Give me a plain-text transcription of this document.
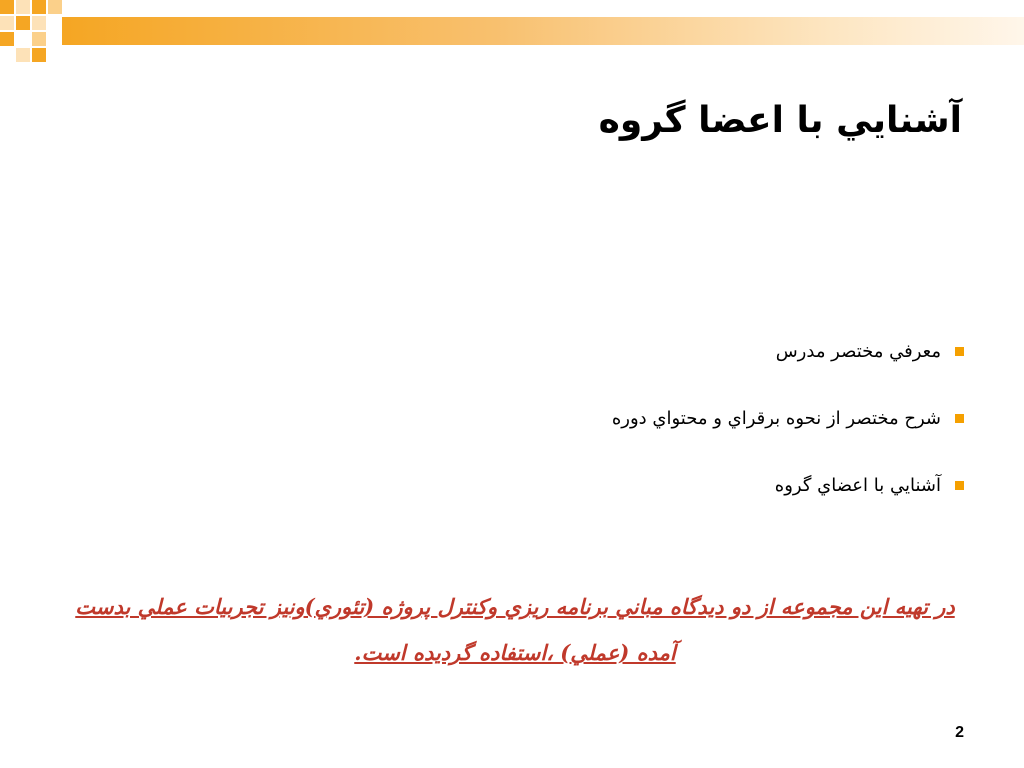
آشنايي با اعضا گروه
معرفي مختصر مدرس
شرح مختصر از نحوه برقراي و محتواي دوره
آشنايي با اعضاي گروه

در تهيه اين مجموعه از دو ديدگاه مباني برنامه ريزي وكنترل پروژه (تئوري)ونيز تجربيات عملي بدست
آمده (عملي) ،استفاده گرديده است.

2
